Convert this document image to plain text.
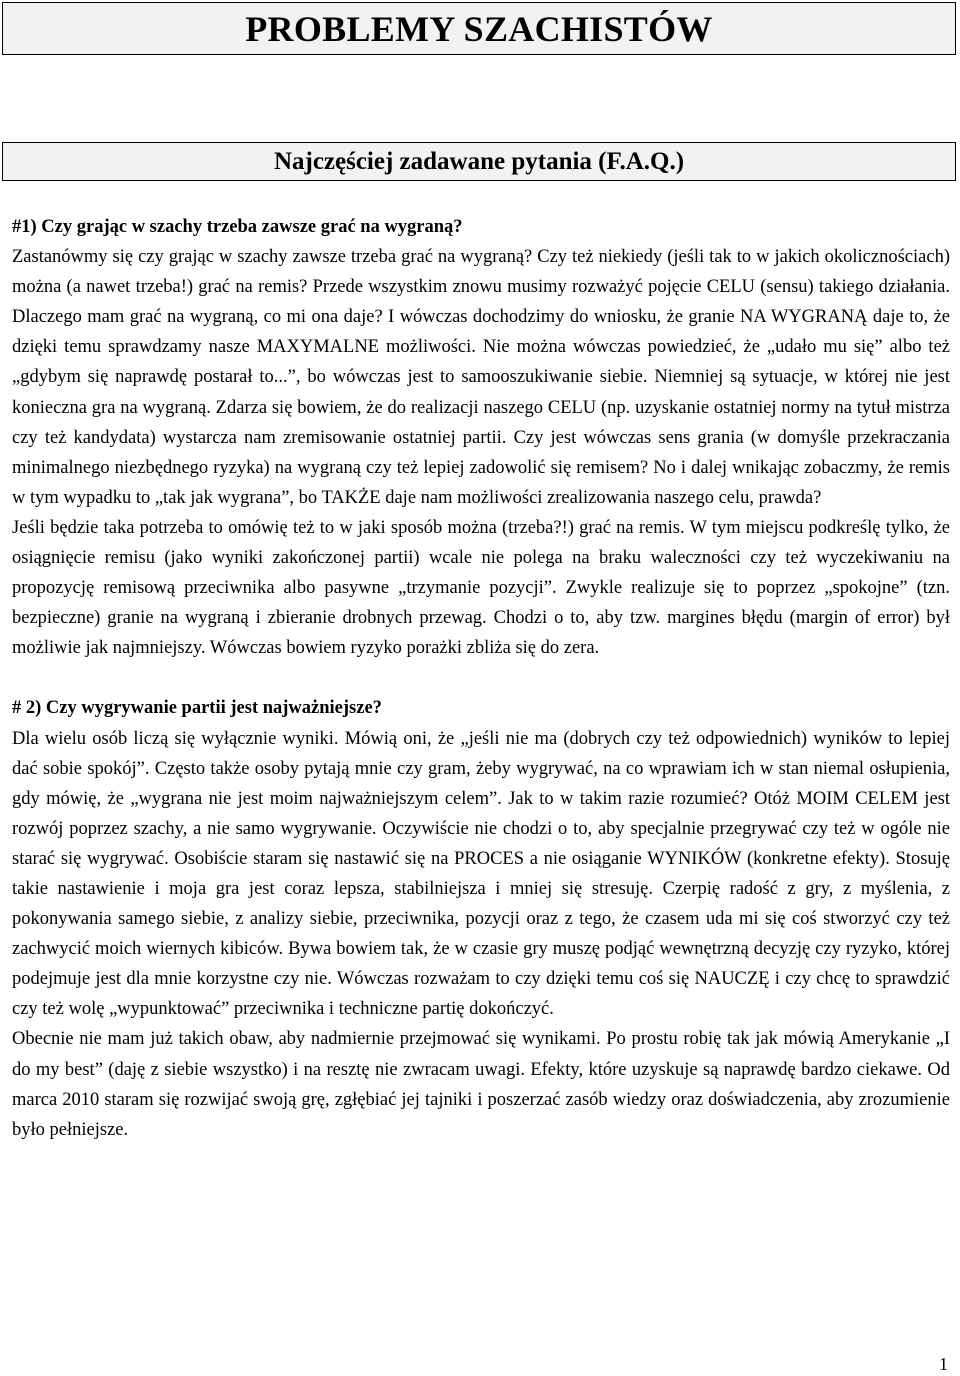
PROBLEMY SZACHISTÓW
Najczęściej zadawane pytania (F.A.Q.)

#1) Czy grając w szachy trzeba zawsze grać na wygraną?

Zastanówmy się czy grając w szachy zawsze trzeba grać na wygraną? Czy też niekiedy (jeśli tak to w jakich okolicznościach) można (a nawet trzeba!) grać na remis? Przede wszystkim znowu musimy rozważyć pojęcie CELU (sensu) takiego działania. Dlaczego mam grać na wygraną, co mi ona daje? I wówczas dochodzimy do wniosku, że granie NA WYGRANĄ daje to, że dzięki temu sprawdzamy nasze MAXYMALNE możliwości. Nie można wówczas powiedzieć, że „udało mu się” albo też „gdybym się naprawdę postarał to...”, bo wówczas jest to samooszukiwanie siebie. Niemniej są sytuacje, w której nie jest konieczna gra na wygraną. Zdarza się bowiem, że do realizacji naszego CELU (np. uzyskanie ostatniej normy na tytuł mistrza czy też kandydata) wystarcza nam zremisowanie ostatniej partii. Czy jest wówczas sens grania (w domyśle przekraczania minimalnego niezbędnego ryzyka) na wygraną czy też lepiej zadowolić się remisem? No i dalej wnikając zobaczmy, że remis w tym wypadku to „tak jak wygrana”, bo TAKŻE daje nam możliwości zrealizowania naszego celu, prawda?

Jeśli będzie taka potrzeba to omówię też to w jaki sposób można (trzeba?!) grać na remis. W tym miejscu podkreślę tylko, że osiągnięcie remisu (jako wyniki zakończonej partii) wcale nie polega na braku waleczności czy też wyczekiwaniu na propozycję remisową przeciwnika albo pasywne „trzymanie pozycji”. Zwykle realizuje się to poprzez „spokojne” (tzn. bezpieczne) granie na wygraną i zbieranie drobnych przewag. Chodzi o to, aby tzw. margines błędu (margin of error) był możliwie jak najmniejszy. Wówczas bowiem ryzyko porażki zbliża się do zera.

# 2) Czy wygrywanie partii jest najważniejsze?

Dla wielu osób liczą się wyłącznie wyniki. Mówią oni, że „jeśli nie ma (dobrych czy też odpowiednich) wyników to lepiej dać sobie spokój”. Często także osoby pytają mnie czy gram, żeby wygrywać, na co wprawiam ich w stan niemal osłupienia, gdy mówię, że „wygrana nie jest moim najważniejszym celem”. Jak to w takim razie rozumieć? Otóż MOIM CELEM jest rozwój poprzez szachy, a nie samo wygrywanie. Oczywiście nie chodzi o to, aby specjalnie przegrywać czy też w ogóle nie starać się wygrywać. Osobiście staram się nastawić się na PROCES a nie osiąganie WYNIKÓW (konkretne efekty). Stosuję takie nastawienie i moja gra jest coraz lepsza, stabilniejsza i mniej się stresuję. Czerpię radość z gry, z myślenia, z pokonywania samego siebie, z analizy siebie, przeciwnika, pozycji oraz z tego, że czasem uda mi się coś stworzyć czy też zachwycić moich wiernych kibiców. Bywa bowiem tak, że w czasie gry muszę podjąć wewnętrzną decyzję czy ryzyko, której podejmuje jest dla mnie korzystne czy nie. Wówczas rozważam to czy dzięki temu coś się NAUCZĘ i czy chcę to sprawdzić czy też wolę „wypunktować” przeciwnika i techniczne partię dokończyć.

Obecnie nie mam już takich obaw, aby nadmiernie przejmować się wynikami. Po prostu robię tak jak mówią Amerykanie „I do my best” (daję z siebie wszystko) i na resztę nie zwracam uwagi. Efekty, które uzyskuje są naprawdę bardzo ciekawe. Od marca 2010 staram się rozwijać swoją grę, zgłębiać jej tajniki i poszerzać zasób wiedzy oraz doświadczenia, aby zrozumienie było pełniejsze.

1
